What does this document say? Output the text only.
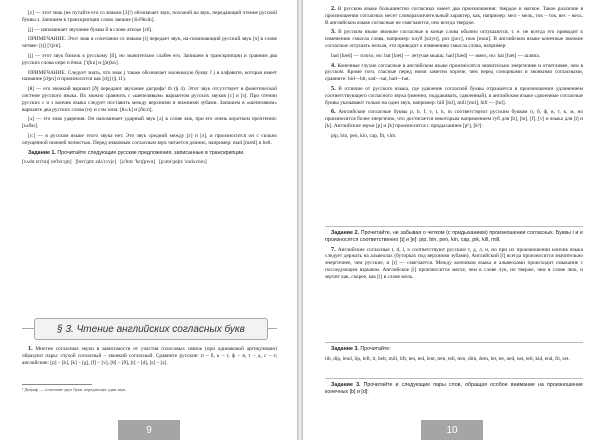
[z] — этот знак (не путайте его со знаком [3]!) обозначает звук, похожий на звук, передающий чтение русской буквы з. Запишем в транскрипции слово заешие [з̆ɛǝ̆'θɛɑ̆n].

[j] — напоминает звучание буквы й в слове ателье [εtl].

ПРИМЕЧАНИЕ. Этот знак в сочетании со знаком [t] передает звук, на-поминающий русский звук [ч] в слове четвее: [tʃ] ['tʃɛtɪ].

[j] — этот звук близок к русскому [й], но значительно слабее его. Запишем в транскрипции и сравним два русских слова опре и ёнка: ['tʃkɒ] и [jɪtʃkɑ].

ПРИМЕЧАНИЕ. Следует знать, что знак j также обозначает маленькую букву J j в алфавите, которая имеет название [dʒeɪ] и произносится как [dʒ] (§ 11).

[θ] — его звонкий вариант [ð] передают звучание диграфа¹ th (§ 4). Этот звук отсутствует в фонетической системе русского языка. Их можно сравнить с «шепелявым» вариантом русских звуков [с] и [з]. При чтении русских с и з кончик языка следует поставить между верхними и нижними зубами. Запишем в «шепелявом» варианте два русских слова (ну и сэм зона: [θʌ:k] и [ðɒ:ɒ].

[ʌ] — это знак ударения. Он напоминает ударный звук [ʌ] в слове заж, при его очень коротком прочтении: [sʌðar].

[ɛ:] — в русском языке этого звука нет. Это звук средний между [ɛ] и [э], и произносится он с сильно опущенной нижней челюстью. Перед знакомым согласным звук читается длинно, например: mad [mæd] и belt.

Задание 1. Прочитайте следующие русские предложения, записанные в транскрипции.

[vʌdɑ ɛrɪ'tɑɪʃ nɐ'bʲɛ:ɡʊ] [bɛrɪ'ɡɪtɛ zdʌ'rɔvjɛ] [u'bɪtɛ 'bɛɪʃpɪvɑ] [pɔmɪ'ɡɑjtɛ 'sɑdʌvnɪu]

§ 3. Чтение английских согласных букв

1. Многие согласные звуки в зависимости от участия голосовых связок (при одинаковой артикуляции) образуют пары: глухой согласный – звонкий согласный. Сравните русские: п – б, к – г, ф – в, т – д, с – з; английские: [p] – [b], [k] – [g], [f] – [v], [θ] – [ð], [t] – [d], [s] – [z].

¹ Диграф — сочетание двух букв, передающее один звук.
9

2. В русском языке большинство согласных имеет два произношения: твердое и мягкое. Такое различие в произношении согласных несет словоразличительный характер, как, например: мел – мель, ток – ток, вес – весь. В английском языке согласные не смягчаются, оно всегда твердое.

3. В русском языке звонкие согласные в конце слова обычно оглушаются, т. е. не всегда это приводит к изменению смысла слова, например: клуб [клуп], роз [рос], нож [нош]. В английском языке конечные звонкие согласные оглушать нельзя, это приводит к изменению смысла слова, например:

bad [bæd] — плохо, но: bat [bæt] — летучая мышь; had [hæd] — имел, но: hat [hæt] — шляпа.

4. Конечные глухие согласные в английском языке произносятся значительно энергичнее и отчетливее, чем в русском. Кроме того, гласные перед ними заметно короче, чем перед сонорными и звонкими согласными, сравните: bid—bit, sad—sat, had—hat.

5. В отличие от русского языка, где удвоение согласной буквы отражается в произношении удлинением соответствующего согласного звука (именно, поддакивать, сдвоенный), в английском языке сдвоенные согласные буквы указывают только на один звук, например: hill [hɪl], mill [mɪl], hill — [hɪl].

6. Английские согласные буквы p, b, f, v, t, k, m соответствуют русским буквам п, б, ф, в, т, к, м, но произносятся более энергично, что достигается некоторым напряжением губ для [b], [m], [f], [v] и языка для [t] и [k]. Английские звуки [p] и [k] произносятся с придыханием [pʰ], [kʰ]:

pip, bin, pen, kin, cap, fit, vim.

Задание 2. Прочитайте, не забывая о четком (с придыханием) произношении согласных. Буквы i и e произносятся соответственно [ɪ] и [e]: pip, bin, pen, kin, cap, pik, kill, mill.

7. Английские согласные t, d, l, n соответствуют русским т, д, л, н, но при их произношении кончик языка следует держать на альвеолах (буторках под верхними зубами). Английский [l] всегда произносится значительно энергичнее, чем русские, и [t] — смягчается. Между кончиком языка и альвеолами происходит смыкание с последующим взрывом. Английское [l] произносится мягче, чем в слове лук, но тверже, чем в слове люк, и звучит как, скорее, как [l] в слове мель.

Задание 3. Прочитайте:

tib, dip, lend, lip, left, it, belt, mill, lift, ten, ted, lent, tem, tell, tem, dim, dem, let, tet, ned, net, tell, kid, end, fit, set.

Задание 3. Прочитайте и следующие пары слов, обращая особое внимание на произношение конечных [b] и [d]:

10
